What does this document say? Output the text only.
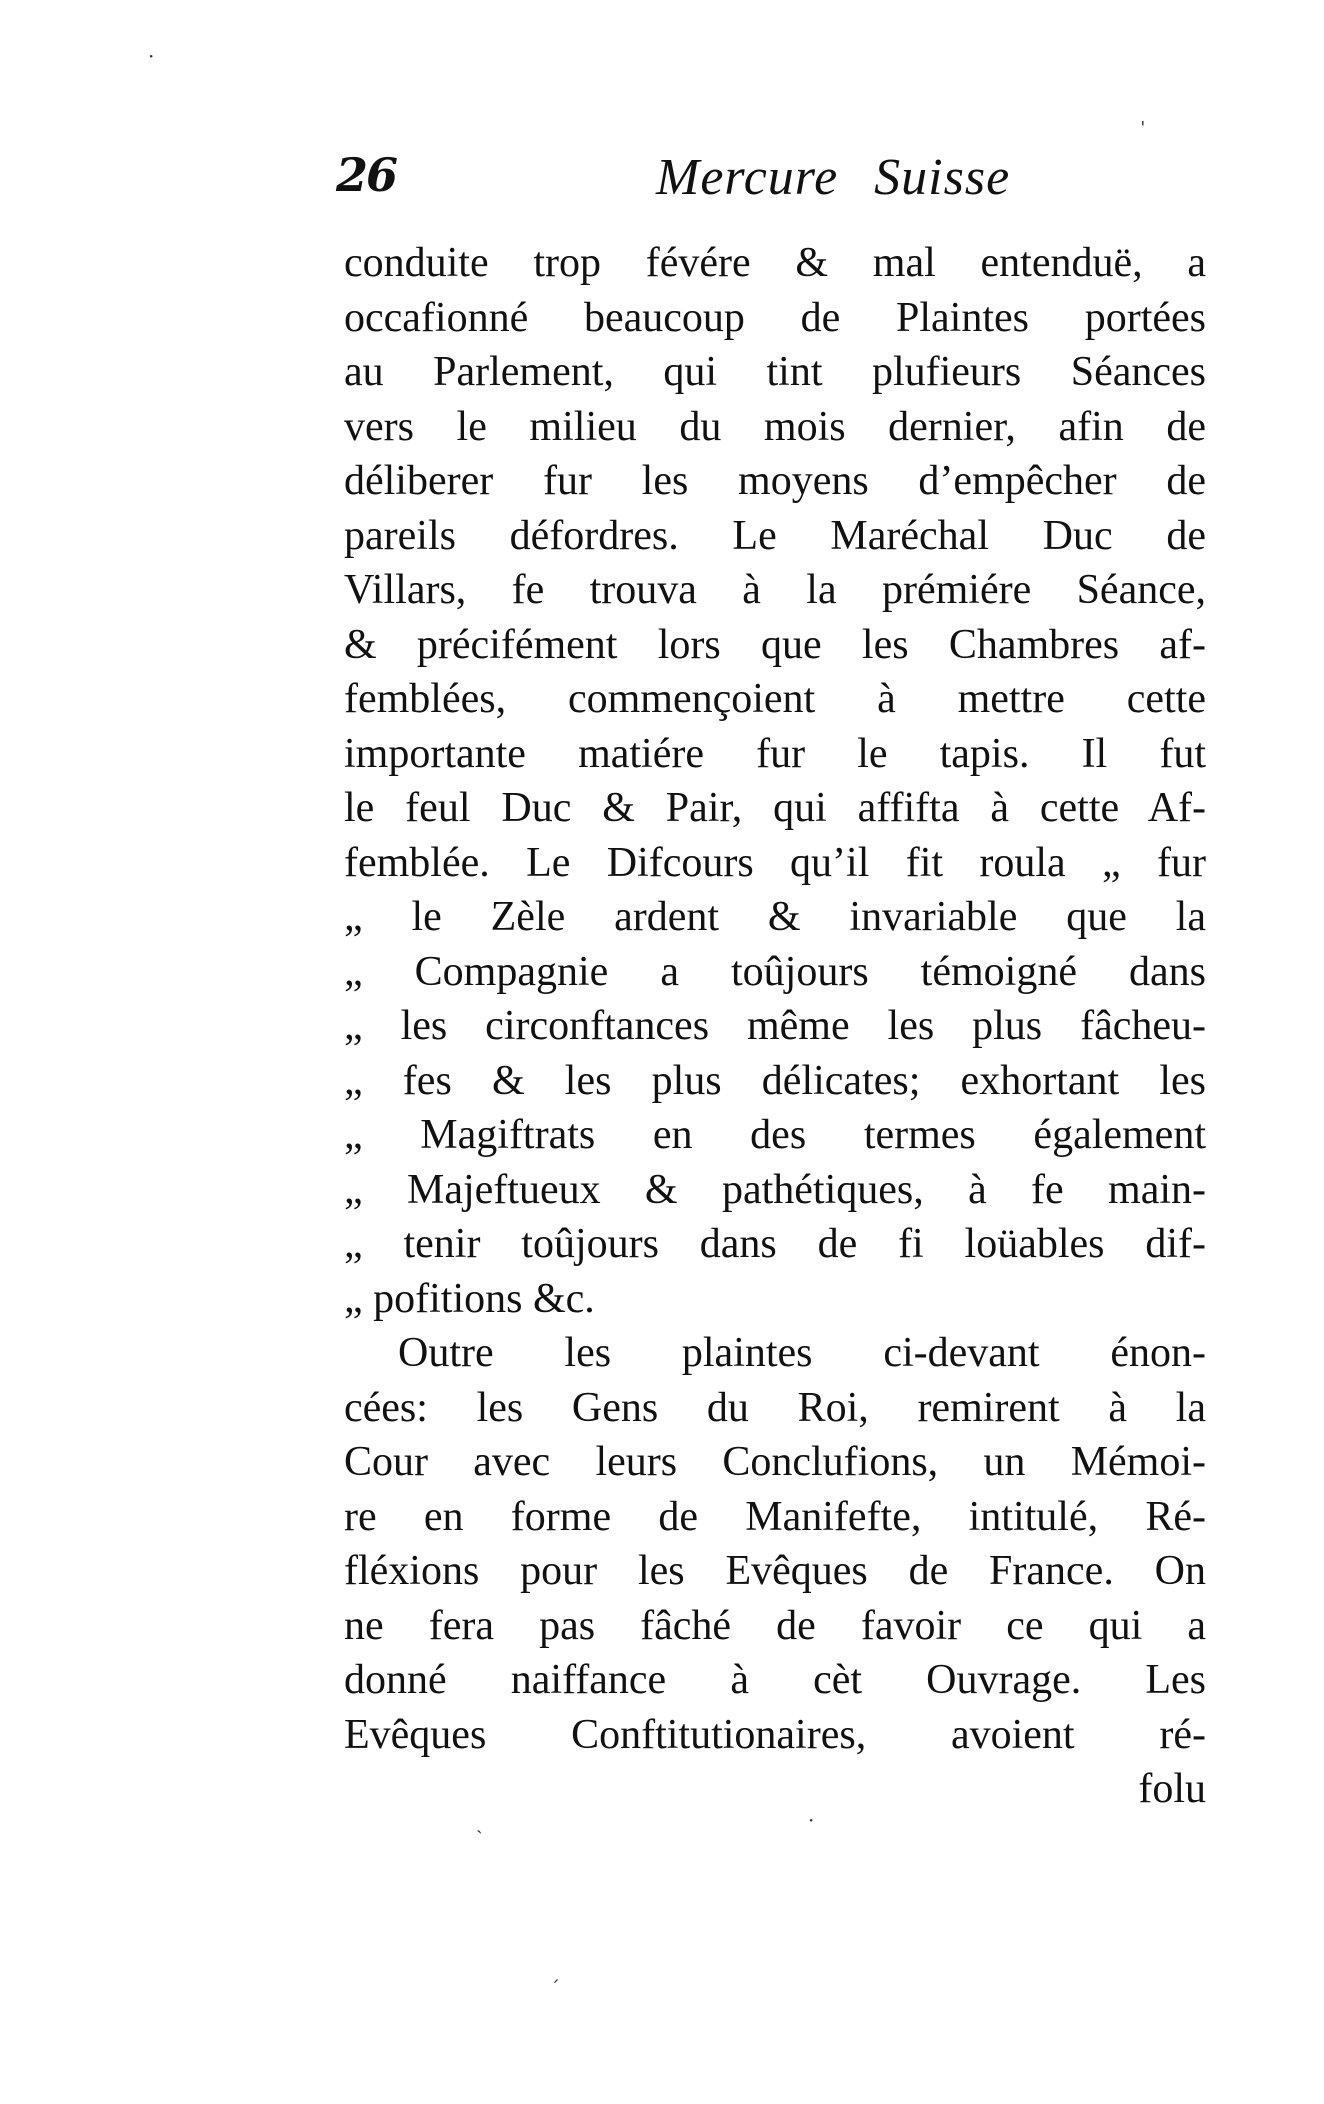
26	Mercure Suisse
conduite trop févére & mal entenduë, a
occafionné beaucoup de Plaintes portées
au Parlement, qui tint plufieurs Séances
vers le milieu du mois dernier, afin de
déliberer fur les moyens d’empêcher de
pareils défordres. Le Maréchal Duc de
Villars, fe trouva à la prémiére Séance,
& précifément lors que les Chambres af-
femblées, commençoient à mettre cette
importante matiére fur le tapis. Il fut
le feul Duc & Pair, qui affifta à cette Af-
femblée. Le Difcours qu’il fit roula „ fur
„ le Zèle ardent & invariable que la
„ Compagnie a toûjours témoigné dans
„ les circonftances même les plus fâcheu-
„ fes & les plus délicates; exhortant les
„ Magiftrats en des termes également
„ Majeftueux & pathétiques, à fe main-
„ tenir toûjours dans de fi loüables dif-
„ pofitions &c.
Outre les plaintes ci-devant énon-
cées: les Gens du Roi, remirent à la
Cour avec leurs Conclufions, un Mémoi-
re en forme de Manifefte, intitulé, Ré-
fléxions pour les Evêques de France. On
ne fera pas fâché de favoir ce qui a
donné naiffance à cèt Ouvrage. Les
Evêques Conftitutionaires, avoient ré-
folu
·
ˌ
ˏ	·
ˊ
